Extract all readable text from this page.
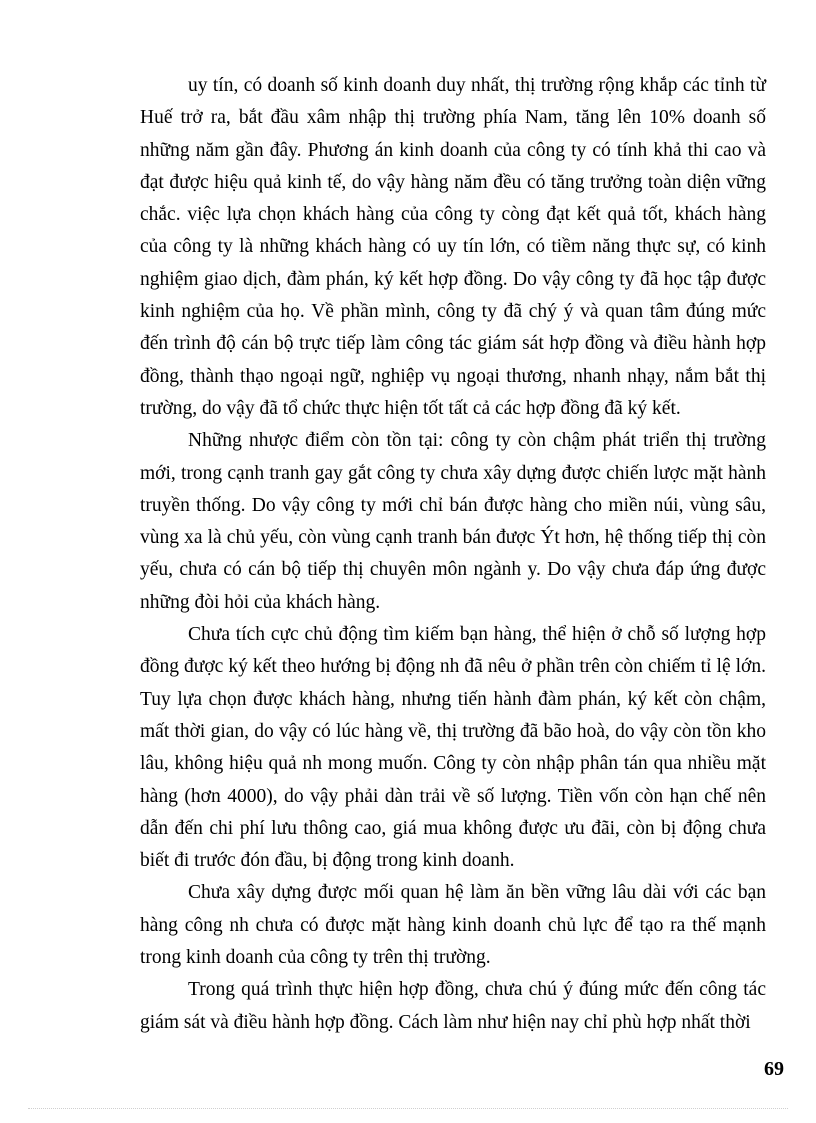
uy tín, có doanh số kinh doanh duy nhất, thị trường rộng khắp các tỉnh từ Huế trở ra, bắt đầu xâm nhập thị trường phía Nam, tăng lên 10% doanh số những năm gần đây. Phương án kinh doanh của công ty có tính khả thi cao và đạt được hiệu quả kinh tế, do vậy hàng năm đều có tăng trưởng toàn diện vững chắc. việc lựa chọn khách hàng của công ty còng đạt kết quả tốt, khách hàng của công ty là những khách hàng có uy tín lớn, có tiềm năng thực sự, có kinh nghiệm giao dịch, đàm phán, ký kết hợp đồng. Do vậy công ty đã học tập được kinh nghiệm của họ. Về phần mình, công ty đã chý ý và quan tâm đúng mức đến trình độ cán bộ trực tiếp làm công tác giám sát hợp đồng và điều hành hợp đồng, thành thạo ngoại ngữ, nghiệp vụ ngoại thương, nhanh nhạy, nắm bắt thị trường, do vậy đã tổ chức thực hiện tốt tất cả các hợp đồng đã ký kết.

Những nhược điểm còn tồn tại: công ty còn chậm phát triển thị trường mới, trong cạnh tranh gay gắt công ty chưa xây dựng được chiến lược mặt hành truyền thống. Do vậy công ty mới chỉ bán được hàng cho miền núi, vùng sâu, vùng xa là chủ yếu, còn vùng cạnh tranh bán được Ýt hơn, hệ thống tiếp thị còn yếu, chưa có cán bộ tiếp thị chuyên môn ngành y. Do vậy chưa đáp ứng được những đòi hỏi của khách hàng.

Chưa tích cực chủ động tìm kiếm bạn hàng, thể hiện ở chỗ số lượng hợp đồng được ký kết theo hướng bị động nh đã nêu ở phần trên còn chiếm tỉ lệ lớn. Tuy lựa chọn được khách hàng, nhưng tiến hành đàm phán, ký kết còn chậm, mất thời gian, do vậy có lúc hàng về, thị trường đã bão hoà, do vậy còn tồn kho lâu, không hiệu quả nh mong muốn. Công ty còn nhập phân tán qua nhiều mặt hàng (hơn 4000), do vậy phải dàn trải về số lượng. Tiền vốn còn hạn chế nên dẫn đến chi phí lưu thông cao, giá mua không được ưu đãi, còn bị động chưa biết đi trước đón đầu, bị động trong kinh doanh.

Chưa xây dựng được mối quan hệ làm ăn bền vững lâu dài với các bạn hàng công nh chưa có được mặt hàng kinh doanh chủ lực để tạo ra thế mạnh trong kinh doanh của công ty trên thị trường.

Trong quá trình thực hiện hợp đồng, chưa chú ý đúng mức đến công tác giám sát và điều hành hợp đồng. Cách làm như hiện nay chỉ phù hợp nhất thời

69
